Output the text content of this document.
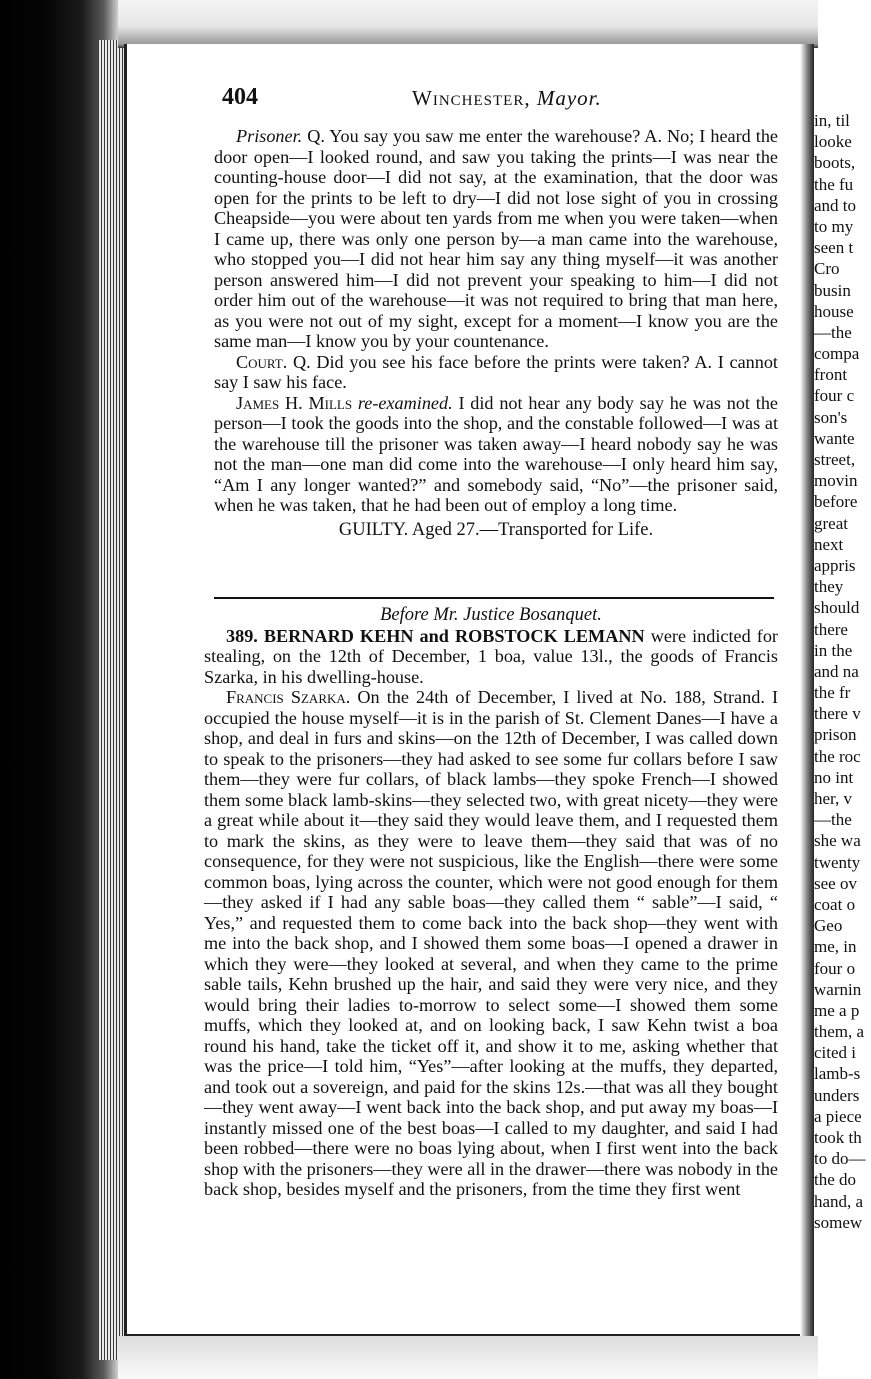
404	Winchester, Mayor.

Prisoner. Q. You say you saw me enter the warehouse? A. No; I heard the door open—I looked round, and saw you taking the prints—I was near the counting-house door—I did not say, at the examination, that the door was open for the prints to be left to dry—I did not lose sight of you in crossing Cheapside—you were about ten yards from me when you were taken—when I came up, there was only one person by—a man came into the warehouse, who stopped you—I did not hear him say any thing myself—it was another person answered him—I did not prevent your speaking to him—I did not order him out of the warehouse—it was not required to bring that man here, as you were not out of my sight, except for a moment—I know you are the same man—I know you by your countenance.

Court. Q. Did you see his face before the prints were taken? A. I cannot say I saw his face.

James H. Mills re-examined. I did not hear any body say he was not the person—I took the goods into the shop, and the constable followed—I was at the warehouse till the prisoner was taken away—I heard nobody say he was not the man—one man did come into the warehouse—I only heard him say, “Am I any longer wanted?” and somebody said, “No”—the prisoner said, when he was taken, that he had been out of employ a long time.

GUILTY. Aged 27.—Transported for Life.

Before Mr. Justice Bosanquet.

389. BERNARD KEHN and ROBSTOCK LEMANN were indicted for stealing, on the 12th of December, 1 boa, value 13l., the goods of Francis Szarka, in his dwelling-house.

Francis Szarka. On the 24th of December, I lived at No. 188, Strand. I occupied the house myself—it is in the parish of St. Clement Danes—I have a shop, and deal in furs and skins—on the 12th of December, I was called down to speak to the prisoners—they had asked to see some fur collars before I saw them—they were fur collars, of black lambs—they spoke French—I showed them some black lamb-skins—they selected two, with great nicety—they were a great while about it—they said they would leave them, and I requested them to mark the skins, as they were to leave them—they said that was of no consequence, for they were not suspicious, like the English—there were some common boas, lying across the counter, which were not good enough for them—they asked if I had any sable boas—they called them “ sable”—I said, “ Yes,” and requested them to come back into the back shop—they went with me into the back shop, and I showed them some boas—I opened a drawer in which they were—they looked at several, and when they came to the prime sable tails, Kehn brushed up the hair, and said they were very nice, and they would bring their ladies to-morrow to select some—I showed them some muffs, which they looked at, and on looking back, I saw Kehn twist a boa round his hand, take the ticket off it, and show it to me, asking whether that was the price—I told him, “Yes”—after looking at the muffs, they departed, and took out a sovereign, and paid for the skins 12s.—that was all they bought—they went away—I went back into the back shop, and put away my boas—I instantly missed one of the best boas—I called to my daughter, and said I had been robbed—there were no boas lying about, when I first went into the back shop with the prisoners—they were all in the drawer—there was nobody in the back shop, besides myself and the prisoners, from the time they first went

in, til
looke
boots,
the fu
and to
to my
seen t
Cro
busin
house
—the
compa
front
four c
son's
wante
street,
movin
before
great
next
appris
they
should
there
in the
and na
the fr
there v
prison
the roc
no int
her, v
—the
she wa
twenty
see ov
coat o
Geo
me, in
four o
warnin
me a p
them, a
cited i
lamb-s
unders
a piece
took th
to do—
the do
hand, a
somew
